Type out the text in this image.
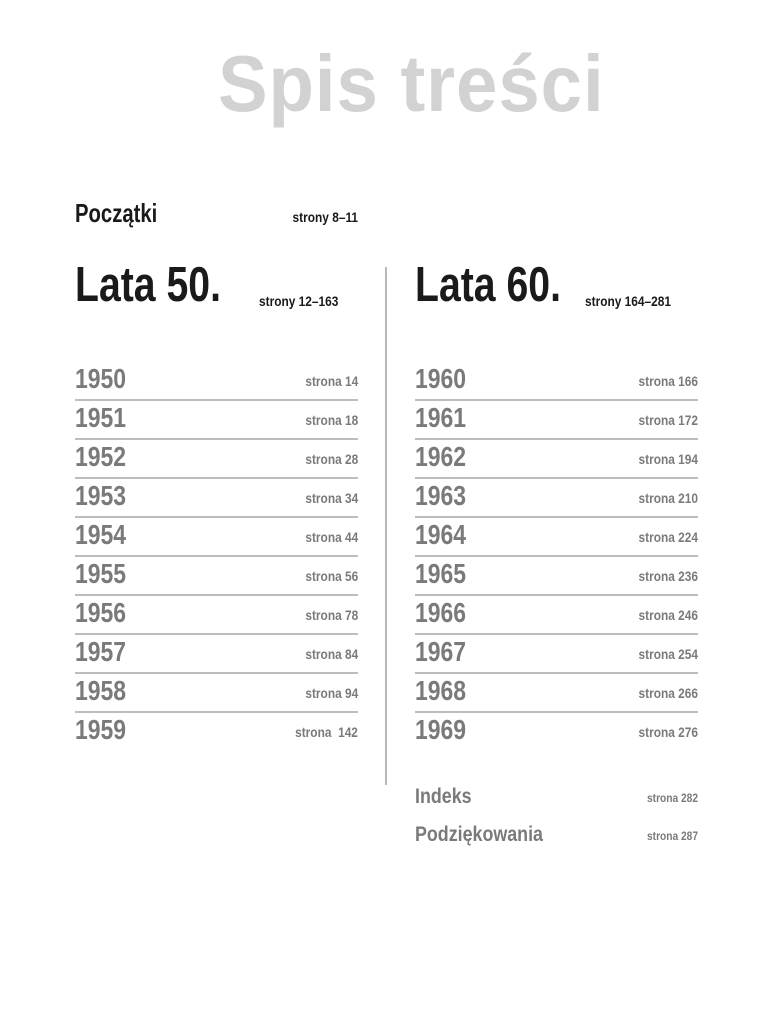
Spis treści
Początki	strony 8–11
Lata 50.	strony 12–163
1950	strona 14
1951	strona 18
1952	strona 28
1953	strona 34
1954	strona 44
1955	strona 56
1956	strona 78
1957	strona 84
1958	strona 94
1959	strona  142
Lata 60.	strony 164–281
1960	strona 166
1961	strona 172
1962	strona 194
1963	strona 210
1964	strona 224
1965	strona 236
1966	strona 246
1967	strona 254
1968	strona 266
1969	strona 276
Indeks	strona 282
Podziękowania	strona 287
